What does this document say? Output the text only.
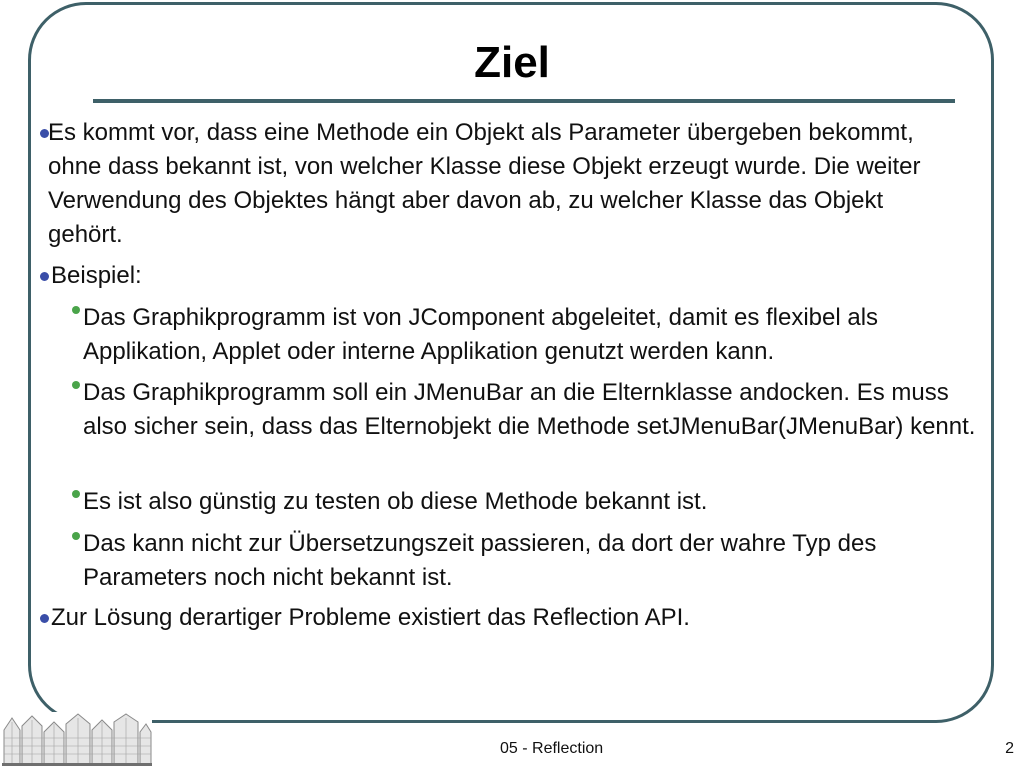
Ziel
Es kommt vor, dass eine Methode ein Objekt als Parameter übergeben bekommt, ohne dass bekannt ist, von welcher Klasse diese Objekt erzeugt wurde. Die weiter Verwendung des Objektes hängt aber davon ab, zu welcher Klasse das Objekt gehört.
Beispiel:
Das Graphikprogramm ist von JComponent abgeleitet, damit es flexibel als Applikation, Applet oder interne Applikation genutzt werden kann.
Das Graphikprogramm soll ein JMenuBar an die Elternklasse andocken. Es muss also sicher sein, dass das Elternobjekt die Methode setJMenuBar(JMenuBar) kennt.
Es ist also günstig zu testen ob diese Methode bekannt ist.
Das kann nicht zur Übersetzungszeit passieren, da dort der wahre Typ des Parameters noch nicht bekannt ist.
Zur Lösung derartiger Probleme existiert das Reflection API.
05 - Reflection	2
